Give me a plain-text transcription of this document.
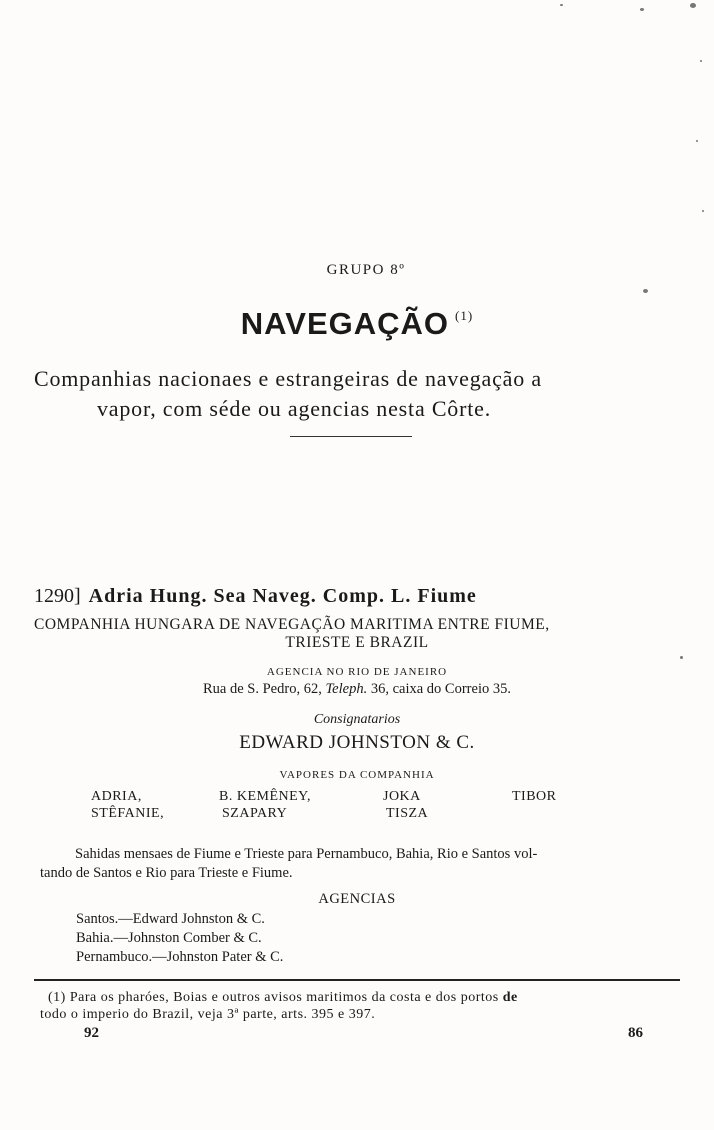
GRUPO 8º
NAVEGAÇÃO $^{(1)}$
Companhias nacionaes e estrangeiras de navegação a
vapor, com séde ou agencias nesta Côrte.
1290] Adria Hung. Sea Naveg. Comp. L. Fiume
COMPANHIA HUNGARA DE NAVEGAÇÃO MARITIMA ENTRE FIUME,
TRIESTE E BRAZIL
AGENCIA NO RIO DE JANEIRO
Rua de S. Pedro, 62, Teleph. 36, caixa do Correio 35.
Consignatarios
EDWARD JOHNSTON & C.
VAPORES DA COMPANHIA
ADRIA,	B. KEMÊNEY,	JOKA	TIBOR
STÊFANIE,	SZAPARY	TISZA
Sahidas mensaes de Fiume e Trieste para Pernambuco, Bahia, Rio e Santos vol-
tando de Santos e Rio para Trieste e Fiume.
AGENCIAS
Santos.—Edward Johnston & C.
Bahia.—Johnston Comber & C.
Pernambuco.—Johnston Pater & C.
(1) Para os pharóes, Boias e outros avisos maritimos da costa e dos portos de
todo o imperio do Brazil, veja 3ª parte, arts. 395 e 397.
92	86
